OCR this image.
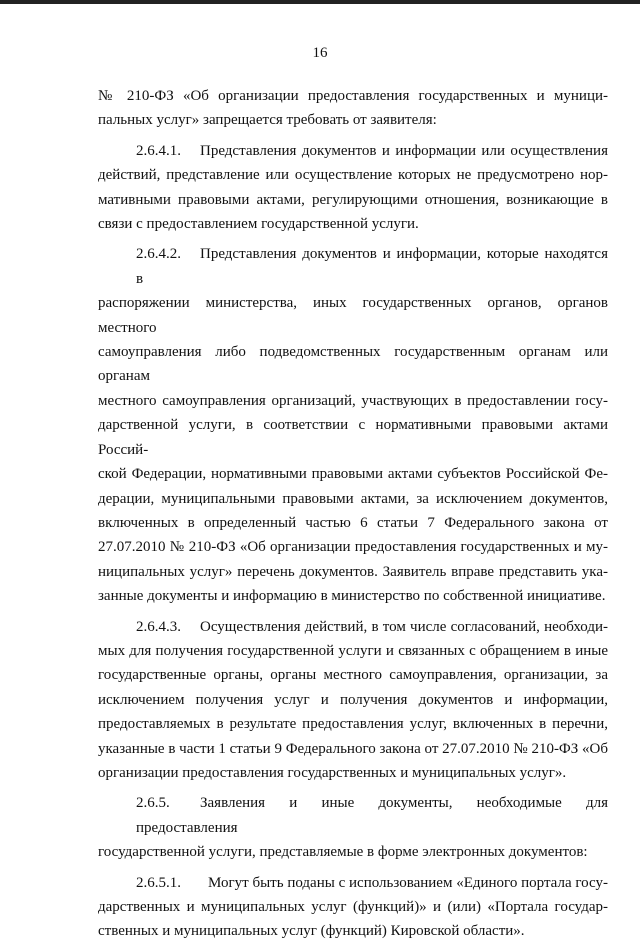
16

№ 210-ФЗ «Об организации предоставления государственных и муници-
пальных услуг» запрещается требовать от заявителя:

2.6.4.1. Представления документов и информации или осуществления
действий, представление или осуществление которых не предусмотрено нор-
мативными правовыми актами, регулирующими отношения, возникающие в
связи с предоставлением государственной услуги.

2.6.4.2. Представления документов и информации, которые находятся в
распоряжении министерства, иных государственных органов, органов местного
самоуправления либо подведомственных государственным органам или органам
местного самоуправления организаций, участвующих в предоставлении госу-
дарственной услуги, в соответствии с нормативными правовыми актами Россий-
ской Федерации, нормативными правовыми актами субъектов Российской Фе-
дерации, муниципальными правовыми актами, за исключением документов,
включенных в определенный частью 6 статьи 7 Федерального закона от
27.07.2010 № 210-ФЗ «Об организации предоставления государственных и му-
ниципальных услуг» перечень документов. Заявитель вправе представить ука-
занные документы и информацию в министерство по собственной инициативе.

2.6.4.3. Осуществления действий, в том числе согласований, необходи-
мых для получения государственной услуги и связанных с обращением в иные
государственные органы, органы местного самоуправления, организации, за
исключением получения услуг и получения документов и информации,
предоставляемых в результате предоставления услуг, включенных в перечни,
указанные в части 1 статьи 9 Федерального закона от 27.07.2010 № 210-ФЗ «Об
организации предоставления государственных и муниципальных услуг».

2.6.5. Заявления и иные документы, необходимые для предоставления
государственной услуги, представляемые в форме электронных документов:

2.6.5.1. Могут быть поданы с использованием «Единого портала госу-
дарственных и муниципальных услуг (функций)» и (или) «Портала государ-
ственных и муниципальных услуг (функций) Кировской области».
